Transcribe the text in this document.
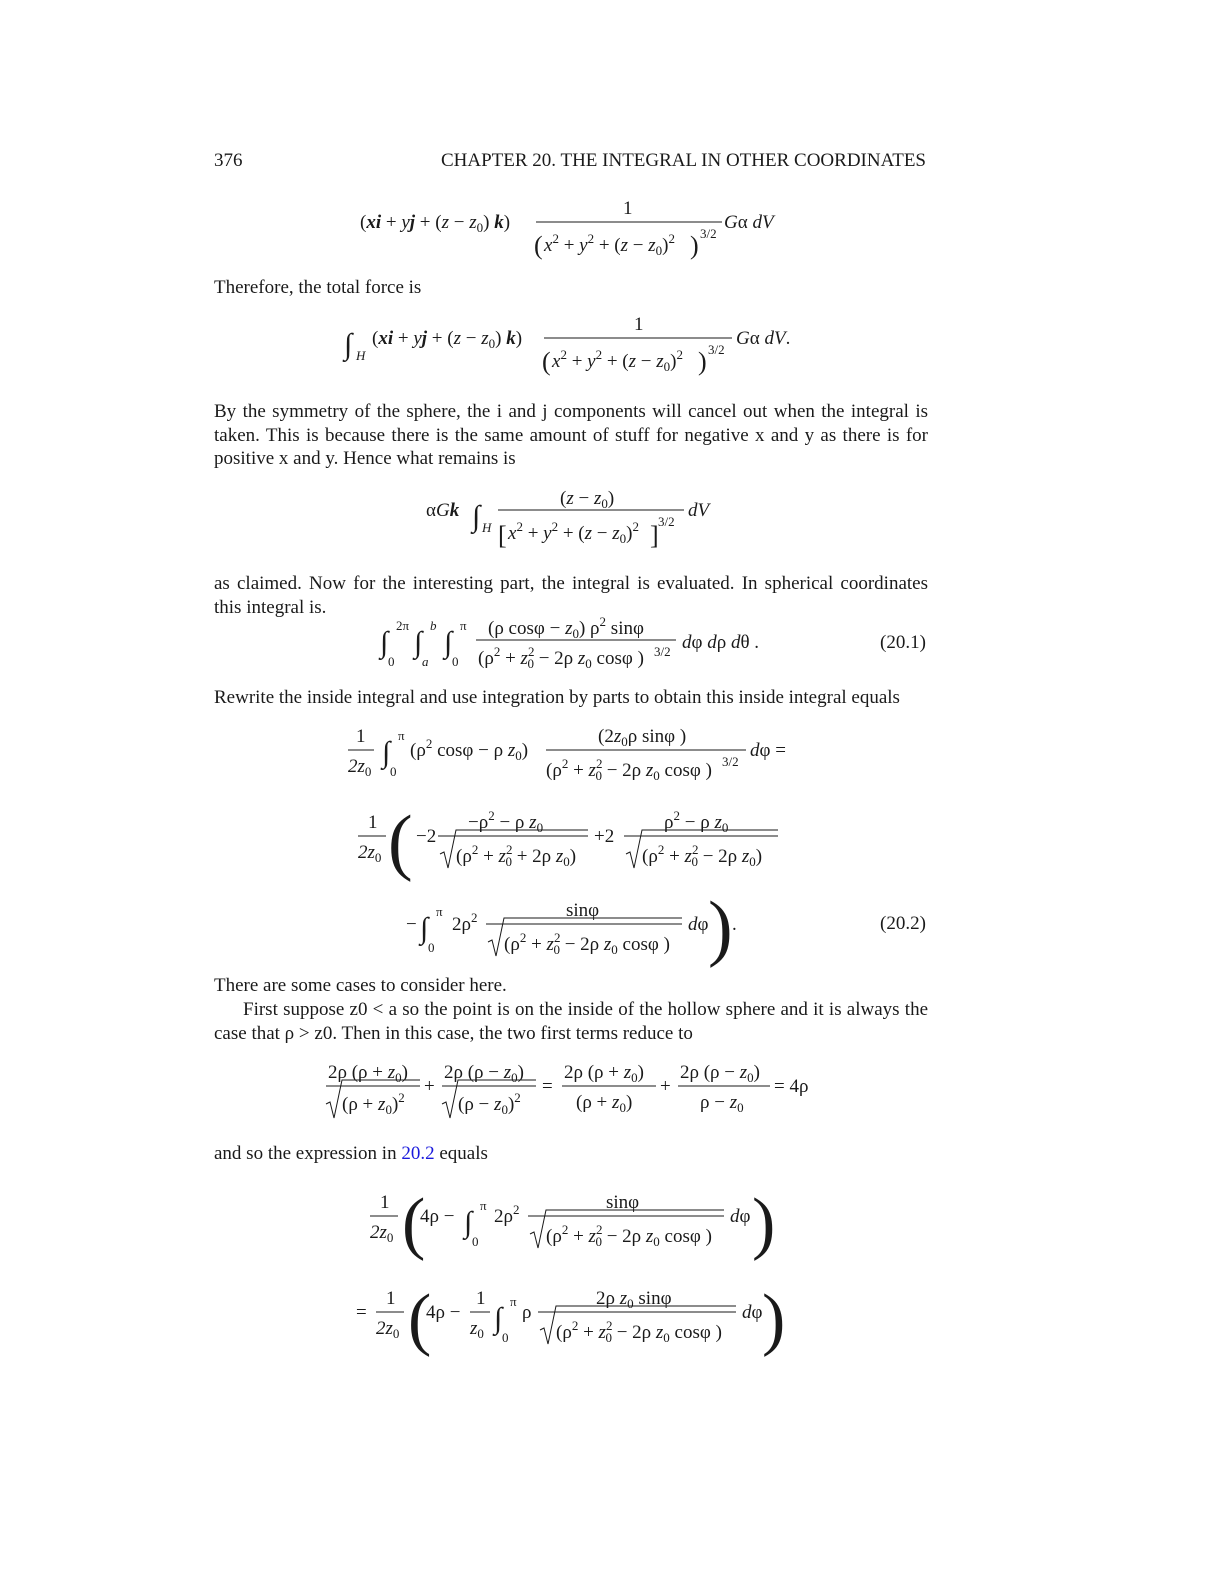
376	CHAPTER 20. THE INTEGRAL IN OTHER COORDINATES
(xi + yj + $(z - z_0)$ k)
1
( $x^2 + y^2 + (z - z_0)^2$ ) 3/2
Gα dV
Therefore, the total force is
∫ H
(xi + yj + $(z - z_0)$ k)
1
( $x^2 + y^2 + (z - z_0)^2$ ) 3/2
Gα dV.
By the symmetry of the sphere, the i and j components will cancel out when the integral is taken. This is because there is the same amount of stuff for negative x and y as there is for positive x and y. Hence what remains is
αGk ∫ H
$(z - z_0)$
[ $x^2 + y^2 + (z - z_0)^2$ ] 3/2
dV
as claimed. Now for the interesting part, the integral is evaluated. In spherical coordinates this integral is.
∫
2π
0
∫
b
a
∫
π
0
(ρ $\cos\varphi - z_0$) $\rho^2$ sinφ
($\rho^2 + z^2$ 0 − 2ρ $z_0$ cosφ ) 3/2 dφ dρ dθ .	(20.1)
Rewrite the inside integral and use integration by parts to obtain this inside integral equals
1
$2z_0$
∫
π
0
($\rho^2$ cosφ − ρ $z_0$)
($2z_0\rho$ sinφ )
($\rho^2 + z^2$ 0 − 2ρ $z_0$ cosφ ) 3/2
dφ =
1
$2z_0$ ( −2
$-\rho^2 - \rho$ $z_0$
($\rho^2 + z^2$ 0 + 2ρ $z_0$)
+2
$\rho^2 - \rho$ $z_0$
($\rho^2 + z^2$ 0 − 2ρ $z_0$)
− ∫
π
0
$2\rho^2$	sinφ
($\rho^2 + z^2$ 0 − 2ρ $z_0$ cosφ )
dφ ) .	(20.2)
There are some cases to consider here.
First suppose z0 < a so the point is on the inside of the hollow sphere and it is always the case that ρ > z0. Then in this case, the two first terms reduce to
2ρ $(\rho + z_0)$
$(\rho + z_0)^2$
+
2ρ $(\rho - z_0)$
$(\rho - z_0)^2$
=
2ρ $(\rho + z_0)$
$(\rho + z_0)$
+
2ρ $(\rho - z_0)$
$\rho - z_0$
= 4ρ
and so the expression in 20.2 equals
1
$2z_0$ (
4ρ − ∫
π
0
$2\rho^2$	sinφ
($\rho^2 + z^2$ 0 − 2ρ $z_0$ cosφ )
dφ )
=
1
$2z_0$ (
4ρ −
1
$z_0$ ∫
π
0
ρ
2ρ $z_0$ sinφ
($\rho^2 + z^2$ 0 − 2ρ $z_0$ cosφ )
dφ )
